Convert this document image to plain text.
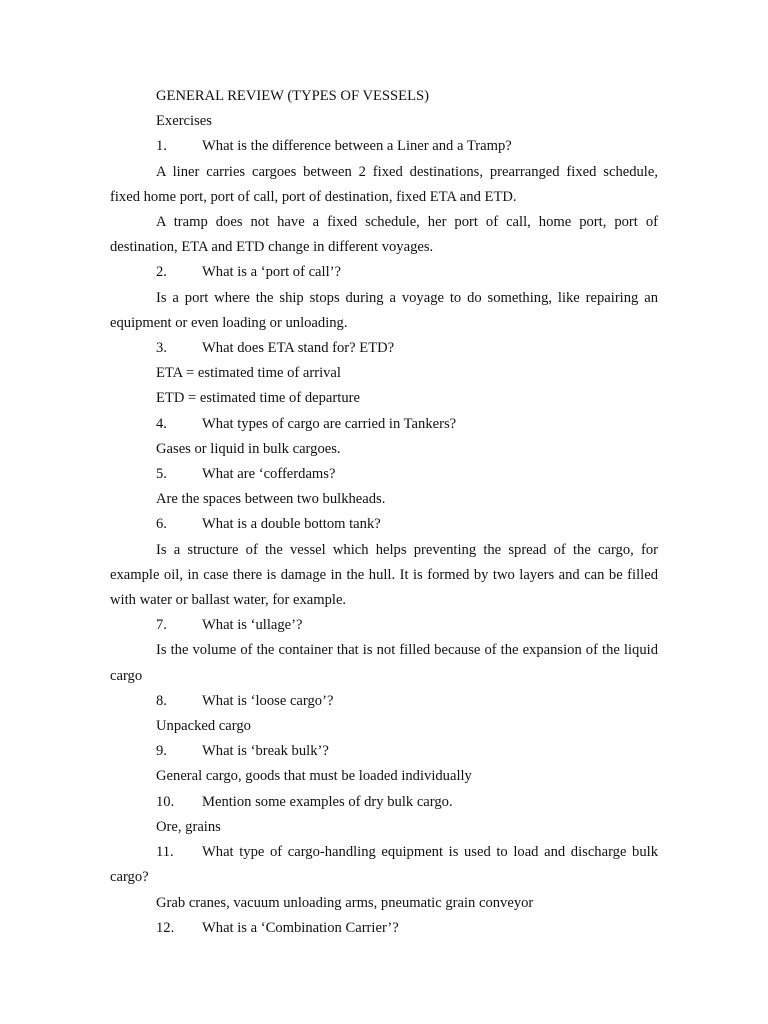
GENERAL REVIEW (TYPES OF VESSELS)

Exercises

1.	What is the difference between a Liner and a Tramp?

A liner carries cargoes between 2 fixed destinations, prearranged fixed schedule, fixed home port, port of call, port of destination, fixed ETA and ETD.

A tramp does not have a fixed schedule, her port of call, home port, port of destination, ETA and ETD change in different voyages.

2.	What is a ‘port of call’?

Is a port where the ship stops during a voyage to do something, like repairing an equipment or even loading or unloading.

3.	What does ETA stand for? ETD?

ETA = estimated time of arrival

ETD = estimated time of departure

4.	What types of cargo are carried in Tankers?

Gases or liquid in bulk cargoes.

5.	What are ‘cofferdams?

Are the spaces between two bulkheads.

6.	What is a double bottom tank?

Is a structure of the vessel which helps preventing the spread of the cargo, for example oil, in case there is damage in the hull. It is formed by two layers and can be filled with water or ballast water, for example.

7.	What is ‘ullage’?

Is the volume of the container that is not filled because of the expansion of the liquid cargo

8.	What is ‘loose cargo’?

Unpacked cargo

9.	What is ‘break bulk’?

General cargo, goods that must be loaded individually

10.	Mention some examples of dry bulk cargo.

Ore, grains

11. What type of cargo-handling equipment is used to load and discharge bulk cargo?

Grab cranes, vacuum unloading arms, pneumatic grain conveyor

12.	What is a ‘Combination Carrier’?
